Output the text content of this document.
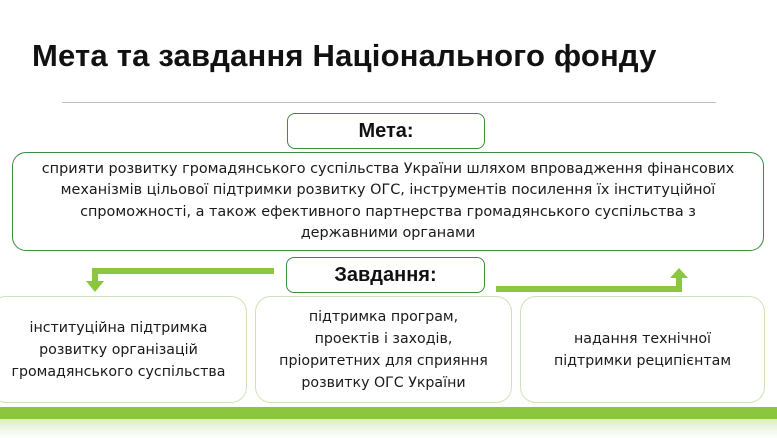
Мета та завдання Національного фонду
Мета:
сприяти розвитку громадянського суспільства України шляхом впровадження фінансових механізмів цільової підтримки розвитку ОГС, інструментів посилення їх інституційної спроможності, а також ефективного партнерства громадянського суспільства з державними органами
Завдання:
інституційна підтримка розвитку організацій громадянського суспільства
підтримка програм, проектів і заходів, пріоритетних для сприяння розвитку ОГС України
надання технічної підтримки реципієнтам
